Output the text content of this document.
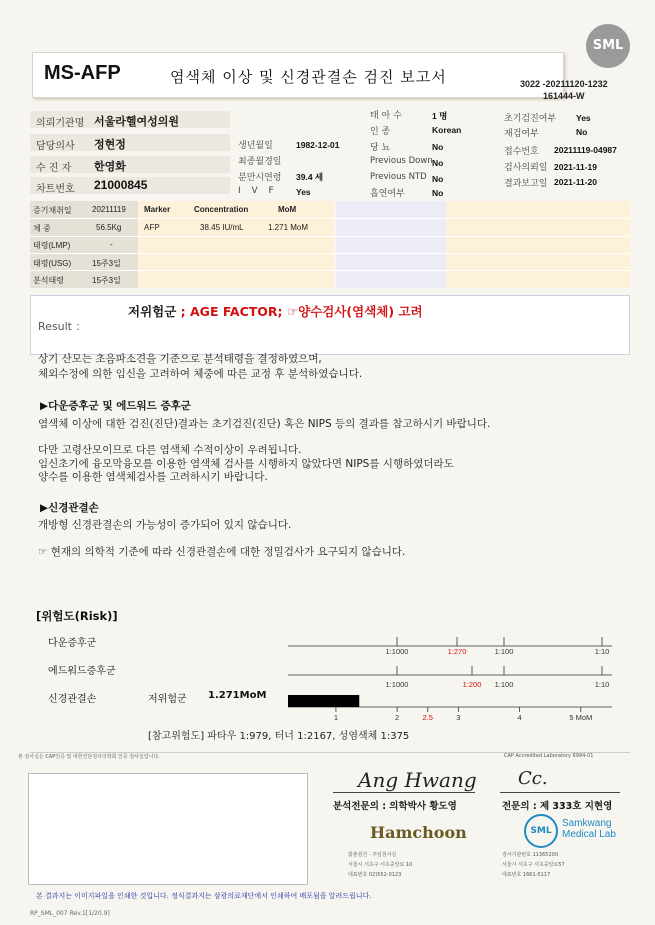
SML
MS-AFP	염색체 이상 및 신경관결손 검진 보고서	3022 -20211120-1232
161444-W
의뢰기관명 서울라헬여성의원
담당의사 정현정
수 진 자 한영화
차트번호 21000845
생년월일	1982-12-01
최종월경일
분만시연령 39.4 세
I V F Yes
태 아 수	1 명
인 종	Korean
당 뇨	No
Previous Down No
Previous NTD No
흡연여부	No
초기검진여부 Yes
재검여부	No
접수번호 20211119-04987
검사의뢰일 2021-11-19
결과보고일 2021-11-20
증기채취일	20211119
체 중	56.5Kg
태령(LMP)	-
태령(USG)	15주3일
분석태령	15주3일
Marker	Concentration	MoM
AFP	38.45 IU/mL	1.271 MoM
Result ：
저위험군 ; AGE FACTOR; ☞양수검사(염색체) 고려
상기 산모는 초음파소견을 기준으로 분석태령을 결정하였으며,
체외수정에 의한 임신을 고려하여 체중에 따른 교정 후 분석하였습니다.
▶다운증후군 및 에드워드 증후군
염색체 이상에 대한 검진(진단)결과는 초기검진(진단) 혹은 NIPS 등의 결과를 참고하시기 바랍니다.
다만 고령산모이므로 다른 염색체 수적이상이 우려됩니다.
임신초기에 융모막융모를 이용한 염색체 검사를 시행하지 않았다면 NIPS를 시행하였더라도
양수를 이용한 염색체검사를 고려하시기 바랍니다.
▶신경관결손
개방형 신경관결손의 가능성이 증가되어 있지 않습니다.
☞ 현재의 의학적 기준에 따라 신경관결손에 대한 정밀검사가 요구되지 않습니다.
[위험도(Risk)]
다운증후군
에드워드증후군
신경관결손	저위험군 1.271MoM
1:1000	1:270	1:100	1:10
1:1000	1:200 1:100	1:10
1	2	2.5	3	4	5 MoM
[참고위험도] 파타우 1:979, 터너 1:2167, 성염색체 1:375
본 검사실은 CAP인증 및 대한진단검사의학회 인증 검사실입니다.	CAP Accredited Laboratory 8994-01
Ang Hwang
분석전문의 : 의학박사 황도영
Cc.
전문의 : 제 333호 지현영
Hamchoon	SML
Samkwang
Medical Lab
함춘검진 · 주임검사실
서울시 서초구 서초중앙로 10
대표번호 02)552-0123
검사기관번호 11365200
서울시 서초구 서초중앙로57
대표번호 1661-5117
본 결과지는 이미지파일을 인쇄한 것입니다. 정식결과지는 삼광의료재단에서 인쇄하여 배포됨을 알려드립니다.
RP_SML_007 Rev.1[1/20.9]
